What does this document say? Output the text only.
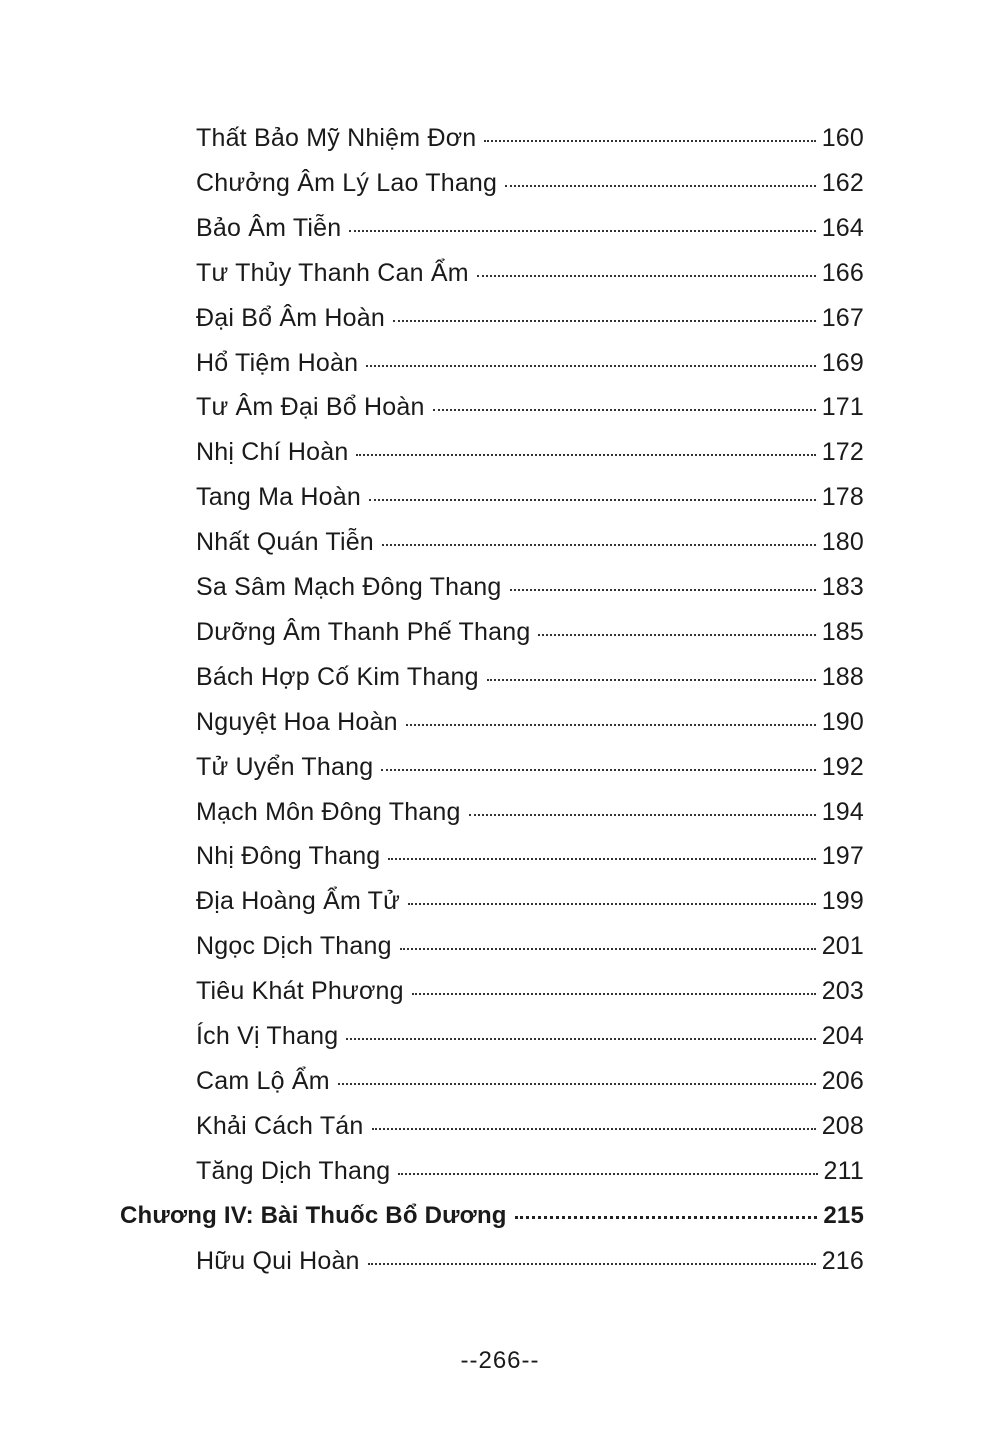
Thất Bảo Mỹ Nhiệm Đơn	160
Chưởng Âm Lý Lao Thang	162
Bảo Âm Tiễn	164
Tư Thủy Thanh Can Ẩm	166
Đại Bổ Âm Hoàn	167
Hổ Tiệm Hoàn	169
Tư Âm Đại Bổ Hoàn	171
Nhị Chí Hoàn	172
Tang Ma Hoàn	178
Nhất Quán Tiễn	180
Sa Sâm Mạch Đông Thang	183
Dưỡng Âm Thanh Phế Thang	185
Bách Hợp Cố Kim Thang	188
Nguyệt Hoa Hoàn	190
Tử Uyển Thang	192
Mạch Môn Đông Thang	194
Nhị Đông Thang	197
Địa Hoàng Ẩm Tử	199
Ngọc Dịch Thang	201
Tiêu Khát Phương	203
Ích Vị Thang	204
Cam Lộ Ẩm	206
Khải Cách Tán	208
Tăng Dịch Thang	211
Chương IV: Bài Thuốc Bổ Dương	215
Hữu Qui Hoàn	216
--266--
